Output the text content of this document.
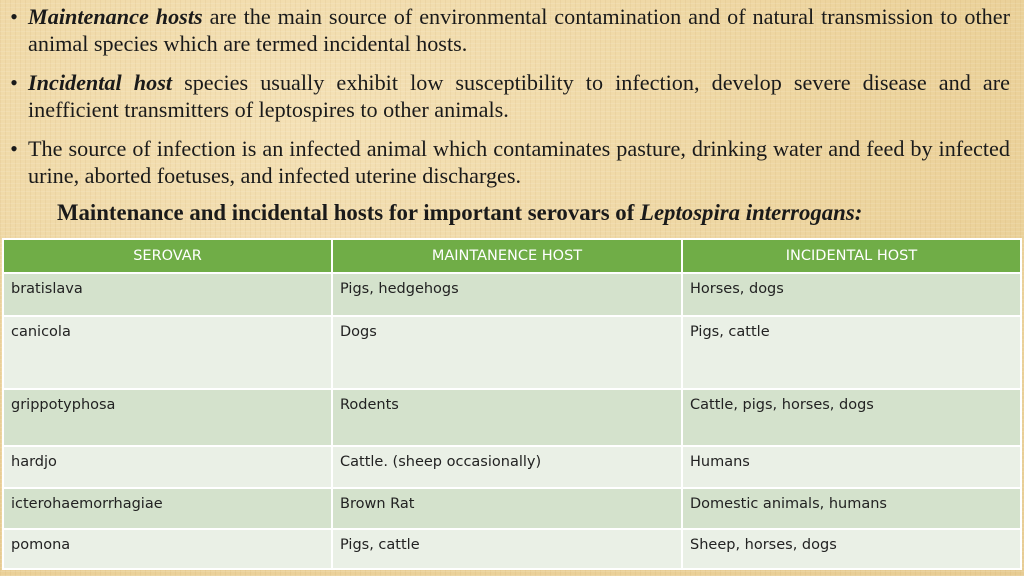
• Maintenance hosts are the main source of environmental contamination and of natural transmission to other animal species which are termed incidental hosts.
• Incidental host species usually exhibit low susceptibility to infection, develop severe disease and are inefficient transmitters of leptospires to other animals.
• The source of infection is an infected animal which contaminates pasture, drinking water and feed by infected urine, aborted foetuses, and infected uterine discharges.
Maintenance and incidental hosts for important serovars of Leptospira interrogans:
SEROVAR	MAINTANENCE HOST	INCIDENTAL HOST
bratislava	Pigs, hedgehogs	Horses, dogs
canicola	Dogs	Pigs, cattle
grippotyphosa	Rodents	Cattle, pigs, horses, dogs
hardjo	Cattle. (sheep occasionally)	Humans
icterohaemorrhagiae	Brown Rat	Domestic animals, humans
pomona	Pigs, cattle	Sheep, horses, dogs
